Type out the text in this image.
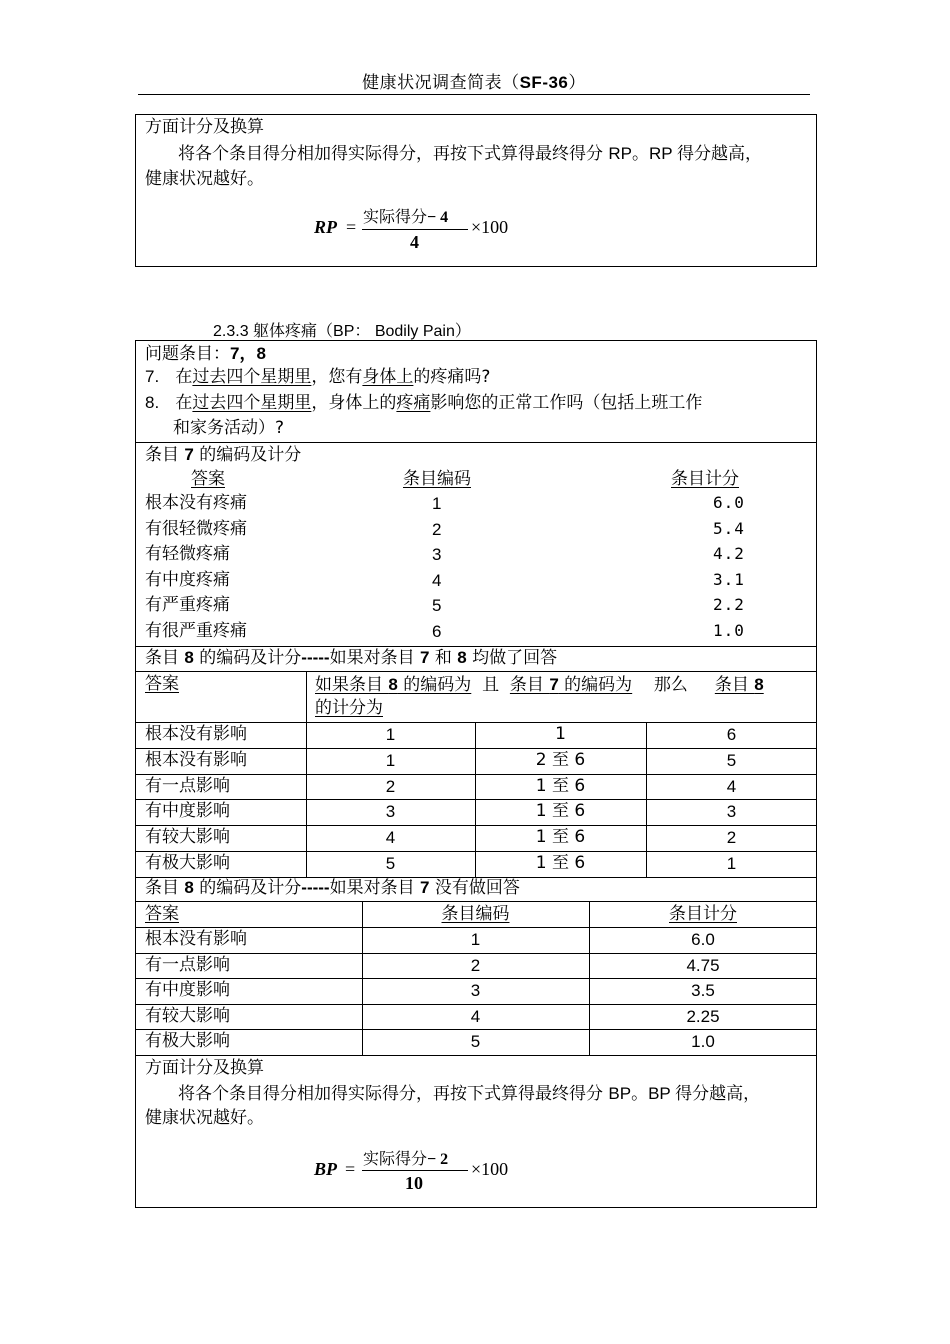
健康状况调查简表（SF-36）
方面计分及换算
将各个条目得分相加得实际得分，再按下式算得最终得分 RP。RP 得分越高，
健康状况越好。
RP =
实际得分− 4
4
×100
2.3.3 躯体疼痛（BP： Bodily Pain）
问题条目：7，8
7. 在过去四个星期里，您有身体上的疼痛吗?
8. 在过去四个星期里，身体上的疼痛影响您的正常工作吗（包括上班工作
和家务活动）?
条目 7 的编码及计分
答案	条目编码	条目计分
根本没有疼痛	1	6.0
有很轻微疼痛	2	5.4
有轻微疼痛	3	4.2
有中度疼痛	4	3.1
有严重疼痛	5	2.2
有很严重疼痛	6	1.0
条目 8 的编码及计分-----如果对条目 7 和 8 均做了回答
答案	如果条目 8 的编码为 且 条目 7 的编码为 那么 条目 8
的计分为
根本没有影响	1	1	6
根本没有影响	1	2 至 6	5
有一点影响	2	1 至 6	4
有中度影响	3	1 至 6	3
有较大影响	4	1 至 6	2
有极大影响	5	1 至 6	1
条目 8 的编码及计分-----如果对条目 7 没有做回答
答案	条目编码	条目计分
根本没有影响	1	6.0
有一点影响	2	4.75
有中度影响	3	3.5
有较大影响	4	2.25
有极大影响	5	1.0
方面计分及换算
将各个条目得分相加得实际得分，再按下式算得最终得分 BP。BP 得分越高，
健康状况越好。
BP =
实际得分− 2
10
×100
